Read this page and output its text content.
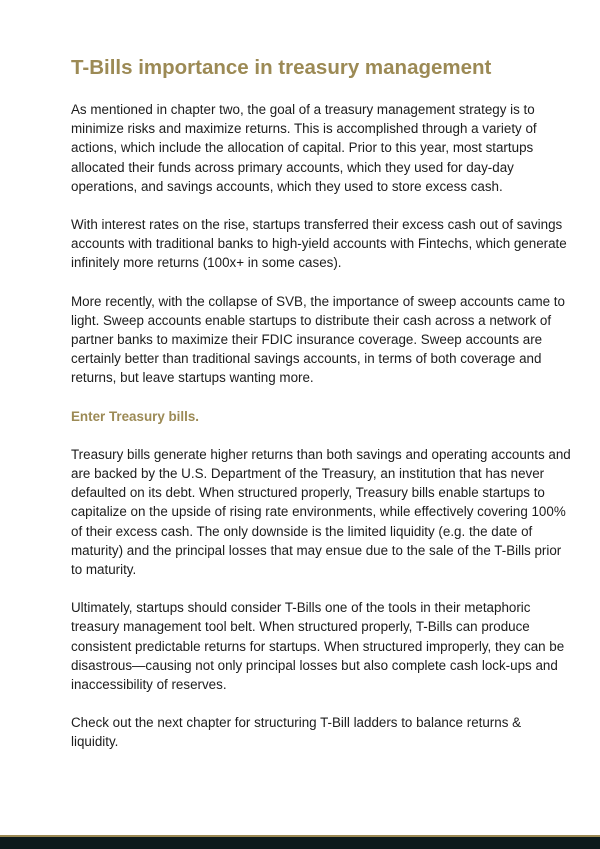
T-Bills importance in treasury management

As mentioned in chapter two, the goal of a treasury management strategy is to minimize risks and maximize returns. This is accomplished through a variety of actions, which include the allocation of capital. Prior to this year, most startups allocated their funds across primary accounts, which they used for day-day operations, and savings accounts, which they used to store excess cash.

With interest rates on the rise, startups transferred their excess cash out of savings accounts with traditional banks to high-yield accounts with Fintechs, which generate infinitely more returns (100x+ in some cases).

More recently, with the collapse of SVB, the importance of sweep accounts came to light. Sweep accounts enable startups to distribute their cash across a network of partner banks to maximize their FDIC insurance coverage. Sweep accounts are certainly better than traditional savings accounts, in terms of both coverage and returns, but leave startups wanting more.

Enter Treasury bills.

Treasury bills generate higher returns than both savings and operating accounts and are backed by the U.S. Department of the Treasury, an institution that has never defaulted on its debt. When structured properly, Treasury bills enable startups to capitalize on the upside of rising rate environments, while effectively covering 100% of their excess cash. The only downside is the limited liquidity (e.g. the date of maturity) and the principal losses that may ensue due to the sale of the T-Bills prior to maturity.

Ultimately, startups should consider T-Bills one of the tools in their metaphoric treasury management tool belt. When structured properly, T-Bills can produce consistent predictable returns for startups. When structured improperly, they can be disastrous—causing not only principal losses but also complete cash lock-ups and inaccessibility of reserves.

Check out the next chapter for structuring T-Bill ladders to balance returns & liquidity.
